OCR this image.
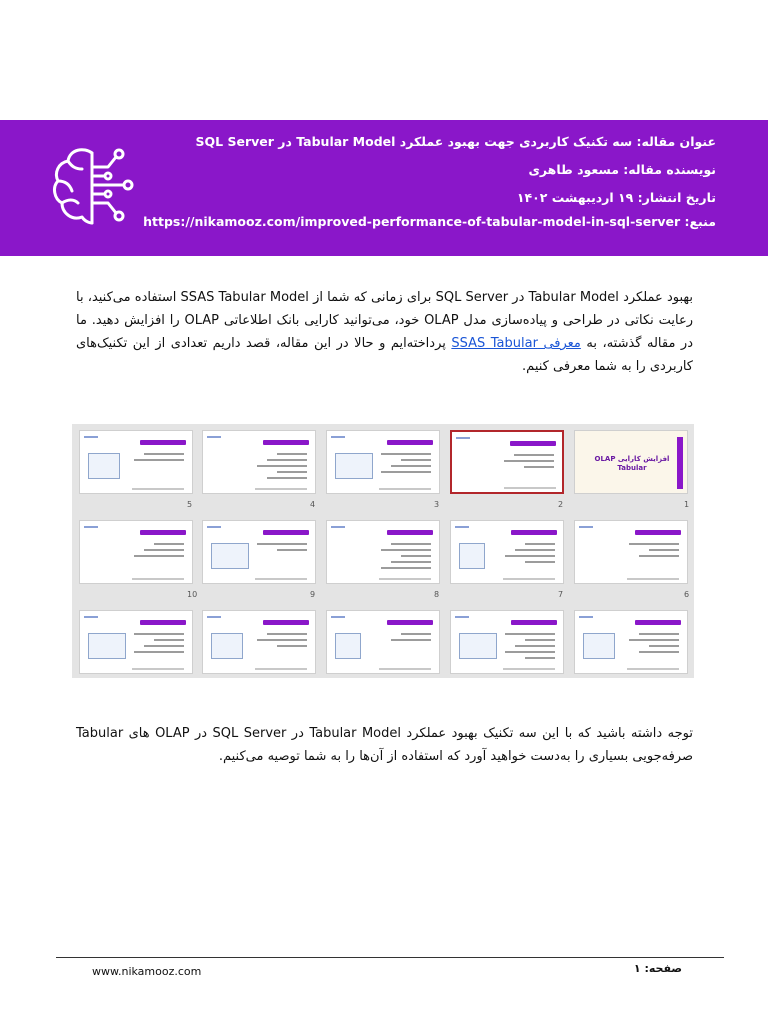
عنوان مقاله: سه تکنیک کاربردی جهت بهبود عملکرد Tabular Model در SQL Server
نویسنده مقاله: مسعود طاهری
تاریخ انتشار: ۱۹ اردیبهشت ۱۴۰۲
منبع: https://nikamooz.com/improved-performance-of-tabular-model-in-sql-server
بهبود عملکرد Tabular Model در SQL Server برای زمانی که شما از SSAS Tabular Model استفاده می‌کنید، با رعایت نکاتی در طراحی و پیاده‌سازی مدل OLAP خود، می‌توانید کارایی بانک اطلاعاتی OLAP را افزایش دهید. ما در مقاله گذشته، به معرفی SSAS Tabular پرداخته‌ایم و حالا در این مقاله، قصد داریم تعدادی از این تکنیک‌های کاربردی را به شما معرفی کنیم.
افزایش کارایی OLAP Tabular
1
2
3
4
5
6
7
8
9
10
توجه داشته باشید که با این سه تکنیک بهبود عملکرد Tabular Model در SQL Server در OLAP های Tabular صرفه‌جویی بسیاری را به‌دست خواهید آورد که استفاده از آن‌ها را به شما توصیه می‌کنیم.
www.nikamooz.com	صفحه: ۱
